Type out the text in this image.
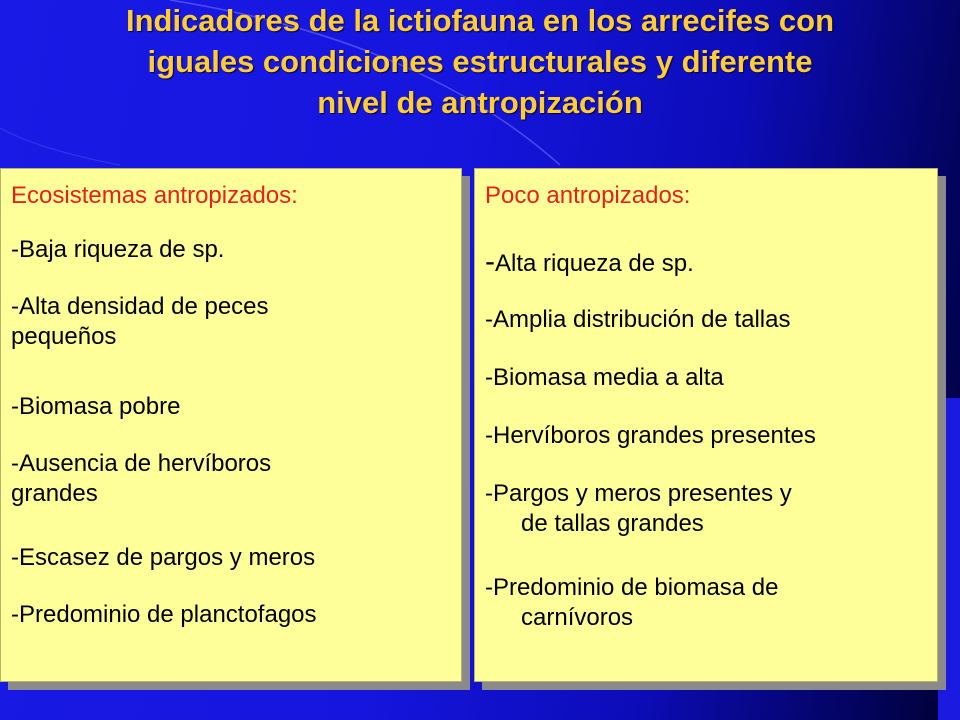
Indicadores de la ictiofauna en los arrecifes con
iguales condiciones estructurales y diferente
nivel de antropización

Ecosistemas antropizados:

-Baja riqueza de sp.

-Alta densidad de peces
pequeños

-Biomasa pobre

-Ausencia de hervíboros
grandes

-Escasez de pargos y meros

-Predominio de planctofagos

Poco antropizados:

-Alta riqueza de sp.

-Amplia distribución de tallas

-Biomasa media a alta

-Hervíboros grandes presentes

-Pargos y meros presentes y
de tallas grandes

-Predominio de biomasa de
carnívoros
